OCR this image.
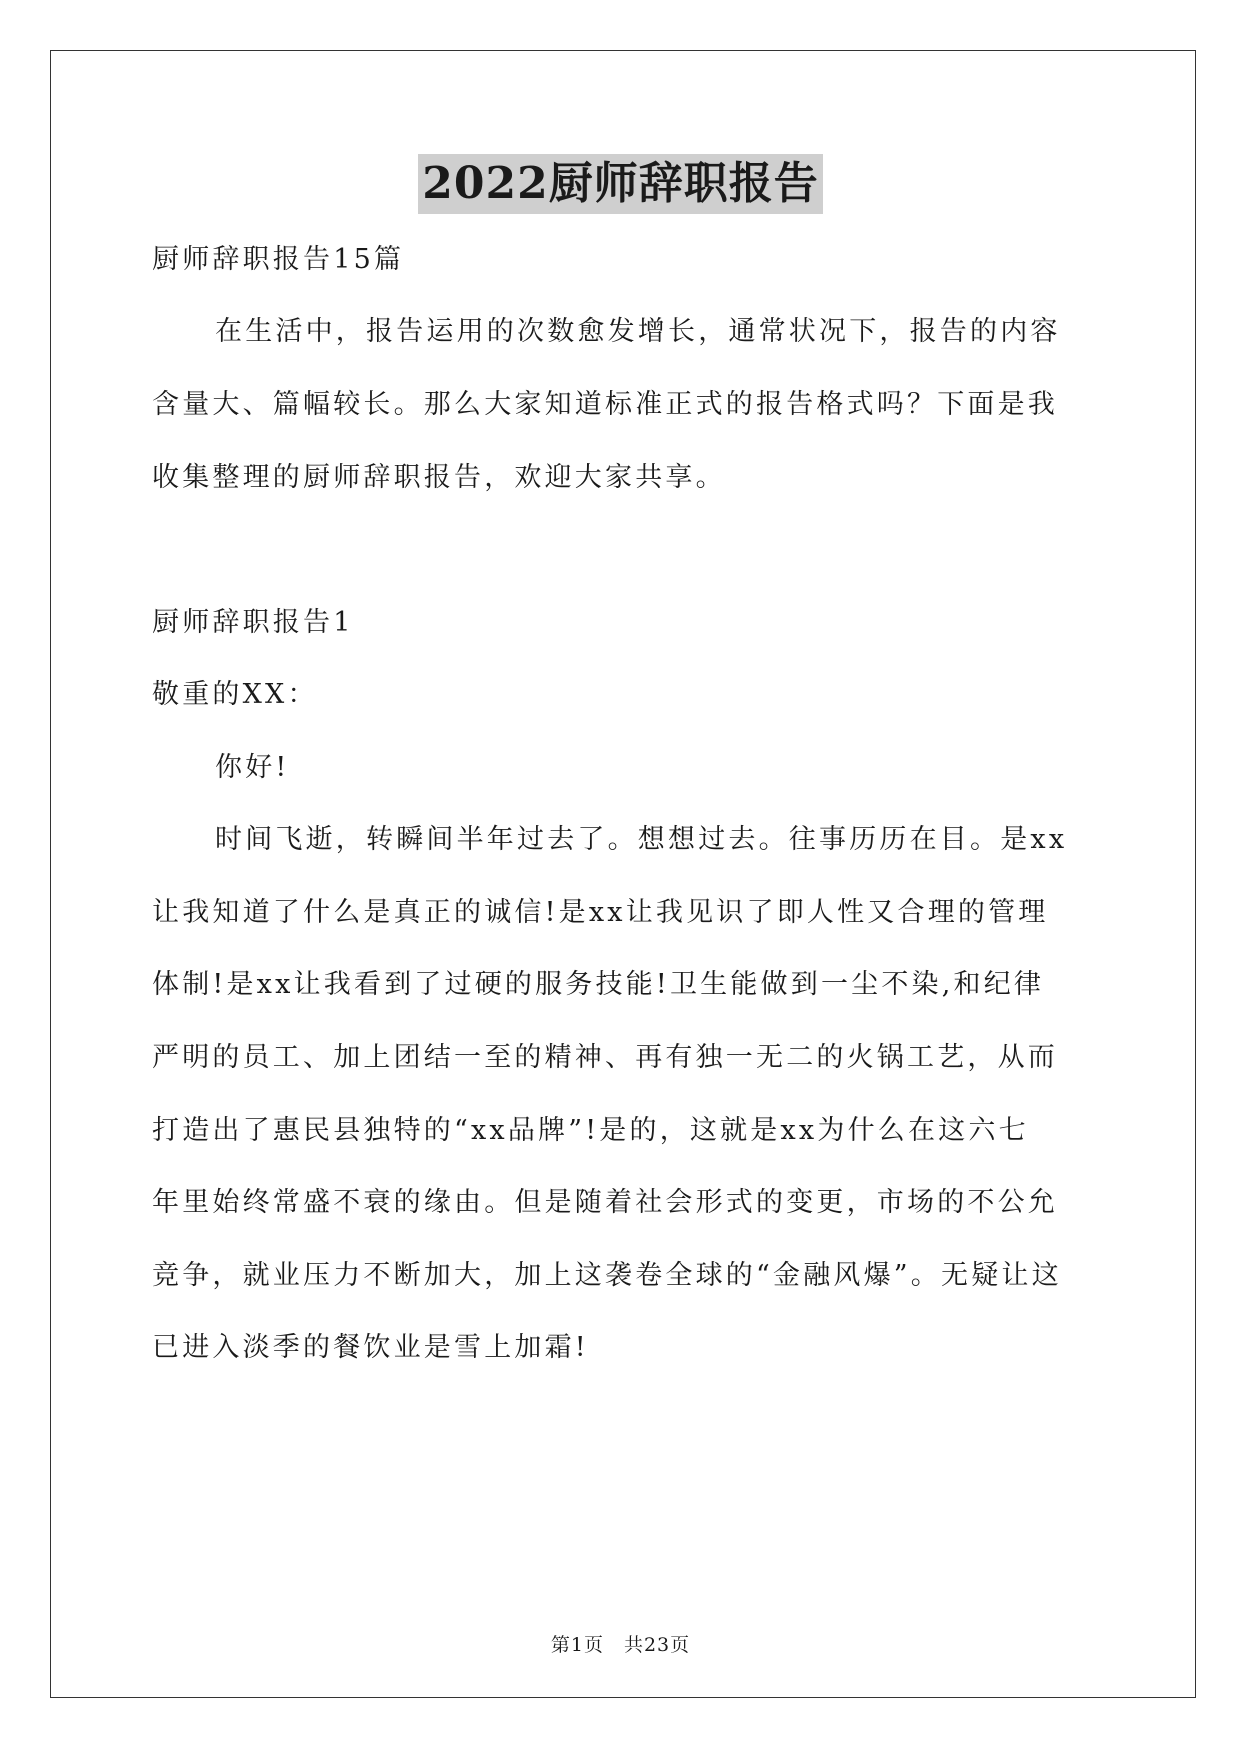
2022厨师辞职报告
厨师辞职报告15篇
在生活中，报告运用的次数愈发增长，通常状况下，报告的内容
含量大、篇幅较长。那么大家知道标准正式的报告格式吗？下面是我
收集整理的厨师辞职报告，欢迎大家共享。
厨师辞职报告1
敬重的XX：
你好!
时间飞逝，转瞬间半年过去了。想想过去。往事历历在目。是xx
让我知道了什么是真正的诚信!是xx让我见识了即人性又合理的管理
体制!是xx让我看到了过硬的服务技能!卫生能做到一尘不染,和纪律
严明的员工、加上团结一至的精神、再有独一无二的火锅工艺，从而
打造出了惠民县独特的“xx品牌”!是的，这就是xx为什么在这六七
年里始终常盛不衰的缘由。但是随着社会形式的变更，市场的不公允
竞争，就业压力不断加大，加上这袭卷全球的“金融风爆”。无疑让这
已进入淡季的餐饮业是雪上加霜!
第1页　共23页
